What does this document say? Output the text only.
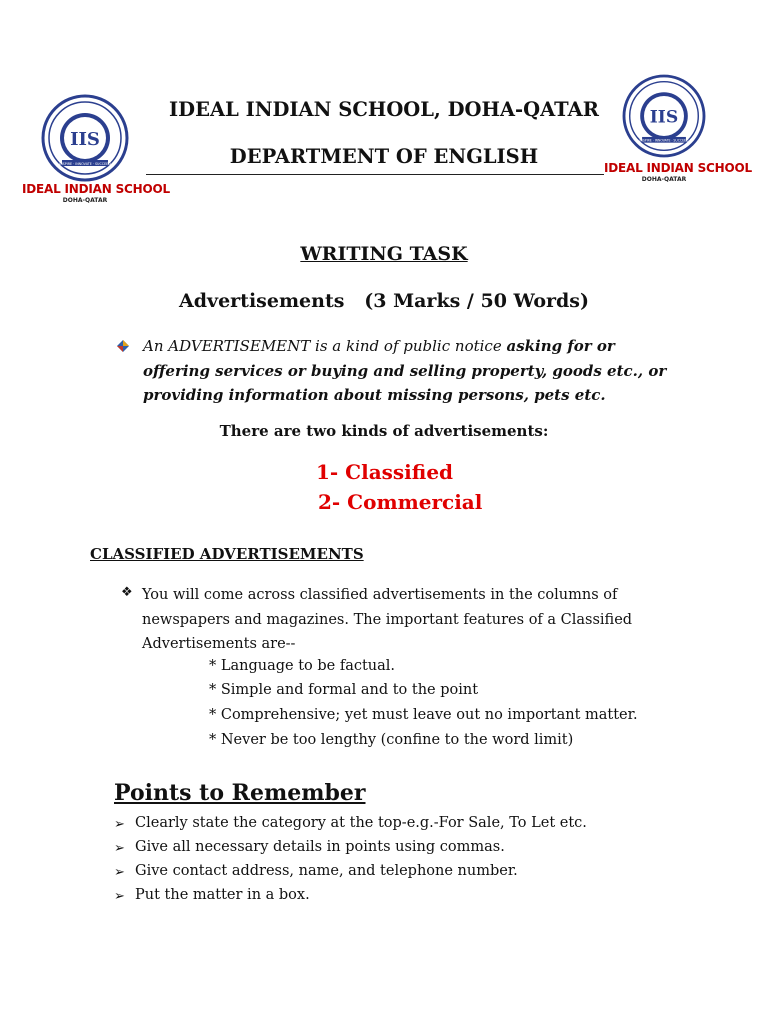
IIS
INSPIRE · INNOVATE · SUCCEED
IDEAL INDIAN SCHOOL
DOHA-QATAR
IIS
INSPIRE · INNOVATE · SUCCEED
IDEAL INDIAN SCHOOL
DOHA-QATAR
IDEAL INDIAN SCHOOL, DOHA-QATAR
DEPARTMENT OF ENGLISH
WRITING TASK
Advertisements   (3 Marks / 50 Words)
An ADVERTISEMENT is a kind of public notice asking for or offering services or buying and selling property, goods etc., or providing information about missing persons, pets etc.
There are two kinds of advertisements:
1- Classified
2- Commercial
CLASSIFIED ADVERTISEMENTS
❖ You will come across classified advertisements in the columns of newspapers and magazines. The important features of a Classified Advertisements are--
* Language to be factual.
* Simple and formal and to the point
* Comprehensive; yet must leave out no important matter.
* Never be too lengthy (confine to the word limit)
Points to Remember
➢ Clearly state the category at the top-e.g.-For Sale, To Let etc.
➢ Give all necessary details in points using commas.
➢ Give contact address, name, and telephone number.
➢ Put the matter in a box.
